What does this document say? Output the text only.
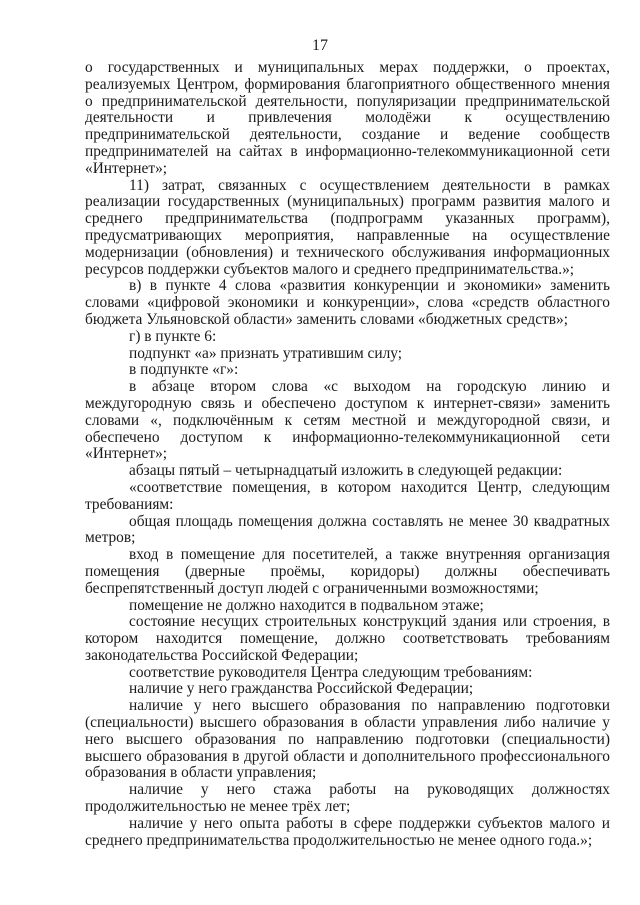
17

о государственных и муниципальных мерах поддержки, о проектах, реализуемых Центром, формирования благоприятного общественного мнения о предпринимательской деятельности, популяризации предпринимательской деятельности и привлечения молодёжи к осуществлению предпринимательской деятельности, создание и ведение сообществ предпринимателей на сайтах в информационно-телекоммуникационной сети «Интернет»;

11) затрат, связанных с осуществлением деятельности в рамках реализации государственных (муниципальных) программ развития малого и среднего предпринимательства (подпрограмм указанных программ), предусматривающих мероприятия, направленные на осуществление модернизации (обновления) и технического обслуживания информационных ресурсов поддержки субъектов малого и среднего предпринимательства.»;

в) в пункте 4 слова «развития конкуренции и экономики» заменить словами «цифровой экономики и конкуренции», слова «средств областного бюджета Ульяновской области» заменить словами «бюджетных средств»;

г) в пункте 6:

подпункт «а» признать утратившим силу;

в подпункте «г»:

в абзаце втором слова «с выходом на городскую линию и междугородную связь и обеспечено доступом к интернет-связи» заменить словами «, подключённым к сетям местной и междугородной связи, и обеспечено доступом к информационно-телекоммуникационной сети «Интернет»;

абзацы пятый – четырнадцатый изложить в следующей редакции:

«соответствие помещения, в котором находится Центр, следующим требованиям:

общая площадь помещения должна составлять не менее 30 квадратных метров;

вход в помещение для посетителей, а также внутренняя организация помещения (дверные проёмы, коридоры) должны обеспечивать беспрепятственный доступ людей с ограниченными возможностями;

помещение не должно находится в подвальном этаже;

состояние несущих строительных конструкций здания или строения, в котором находится помещение, должно соответствовать требованиям законодательства Российской Федерации;

соответствие руководителя Центра следующим требованиям:

наличие у него гражданства Российской Федерации;

наличие у него высшего образования по направлению подготовки (специальности) высшего образования в области управления либо наличие у него высшего образования по направлению подготовки (специальности) высшего образования в другой области и дополнительного профессионального образования в области управления;

наличие у него стажа работы на руководящих должностях продолжительностью не менее трёх лет;

наличие у него опыта работы в сфере поддержки субъектов малого и среднего предпринимательства продолжительностью не менее одного года.»;
